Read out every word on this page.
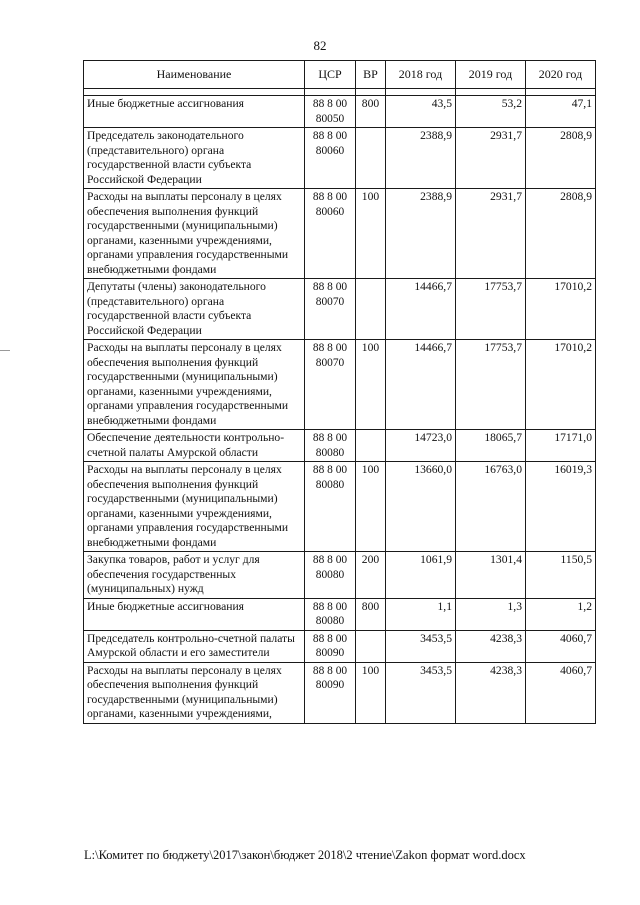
82
Наименование	ЦСР	ВР	2018 год	2019 год	2020 год

Иные бюджетные ассигнования	88 8 00 80050	800	43,5	53,2	47,1
Председатель законодательного (представительного) органа государственной власти субъекта Российской Федерации	88 8 00 80060		2388,9	2931,7	2808,9
Расходы на выплаты персоналу в целях обеспечения выполнения функций государственными (муниципальными) органами, казенными учреждениями, органами управления государственными внебюджетными фондами	88 8 00 80060	100	2388,9	2931,7	2808,9
Депутаты (члены) законодательного (представительного) органа государственной власти субъекта Российской Федерации	88 8 00 80070		14466,7	17753,7	17010,2
Расходы на выплаты персоналу в целях обеспечения выполнения функций государственными (муниципальными) органами, казенными учреждениями, органами управления государственными внебюджетными фондами	88 8 00 80070	100	14466,7	17753,7	17010,2
Обеспечение деятельности контрольно-счетной палаты Амурской области	88 8 00 80080		14723,0	18065,7	17171,0
Расходы на выплаты персоналу в целях обеспечения выполнения функций государственными (муниципальными) органами, казенными учреждениями, органами управления государственными внебюджетными фондами	88 8 00 80080	100	13660,0	16763,0	16019,3
Закупка товаров, работ и услуг для обеспечения государственных (муниципальных) нужд	88 8 00 80080	200	1061,9	1301,4	1150,5
Иные бюджетные ассигнования	88 8 00 80080	800	1,1	1,3	1,2
Председатель контрольно-счетной палаты Амурской области и его заместители	88 8 00 80090		3453,5	4238,3	4060,7
Расходы на выплаты персоналу в целях обеспечения выполнения функций государственными (муниципальными) органами, казенными учреждениями,	88 8 00 80090	100	3453,5	4238,3	4060,7
L:\Комитет по бюджету\2017\закон\бюджет 2018\2 чтение\Zakon формат word.docx
